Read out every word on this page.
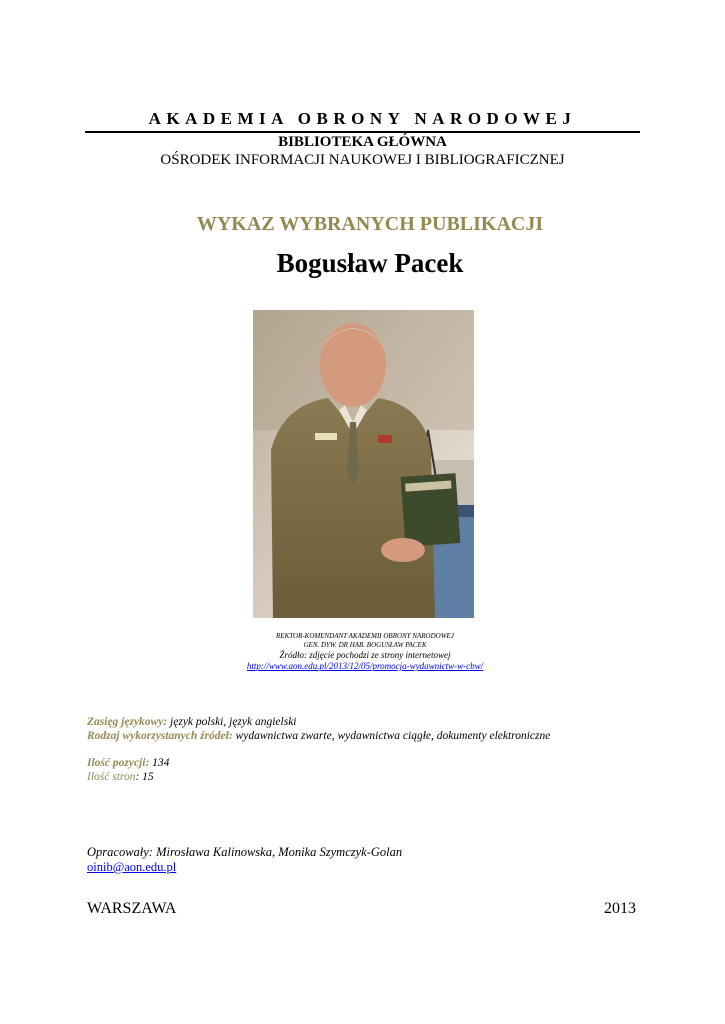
AKADEMIA OBRONY NARODOWEJ
BIBLIOTEKA GŁÓWNA
OŚRODEK INFORMACJI NAUKOWEJ I BIBLIOGRAFICZNEJ
WYKAZ WYBRANYCH PUBLIKACJI
Bogusław Pacek
REKTOR-KOMENDANT AKADEMII OBRONY NARODOWEJ
GEN. DYW. DR HAB. BOGUSŁAW PACEK
Źródło: zdjęcie pochodzi ze strony internetowej
http://www.aon.edu.pl/2013/12/05/promocja-wydawnictw-w-cbw/
Zasięg językowy: język polski, język angielski
Rodzaj wykorzystanych źródeł: wydawnictwa zwarte, wydawnictwa ciągłe, dokumenty elektroniczne
Ilość pozycji: 134
Ilość stron: 15
Opracowały: Mirosława Kalinowska, Monika Szymczyk-Golan
oinib@aon.edu.pl
WARSZAWA	2013
